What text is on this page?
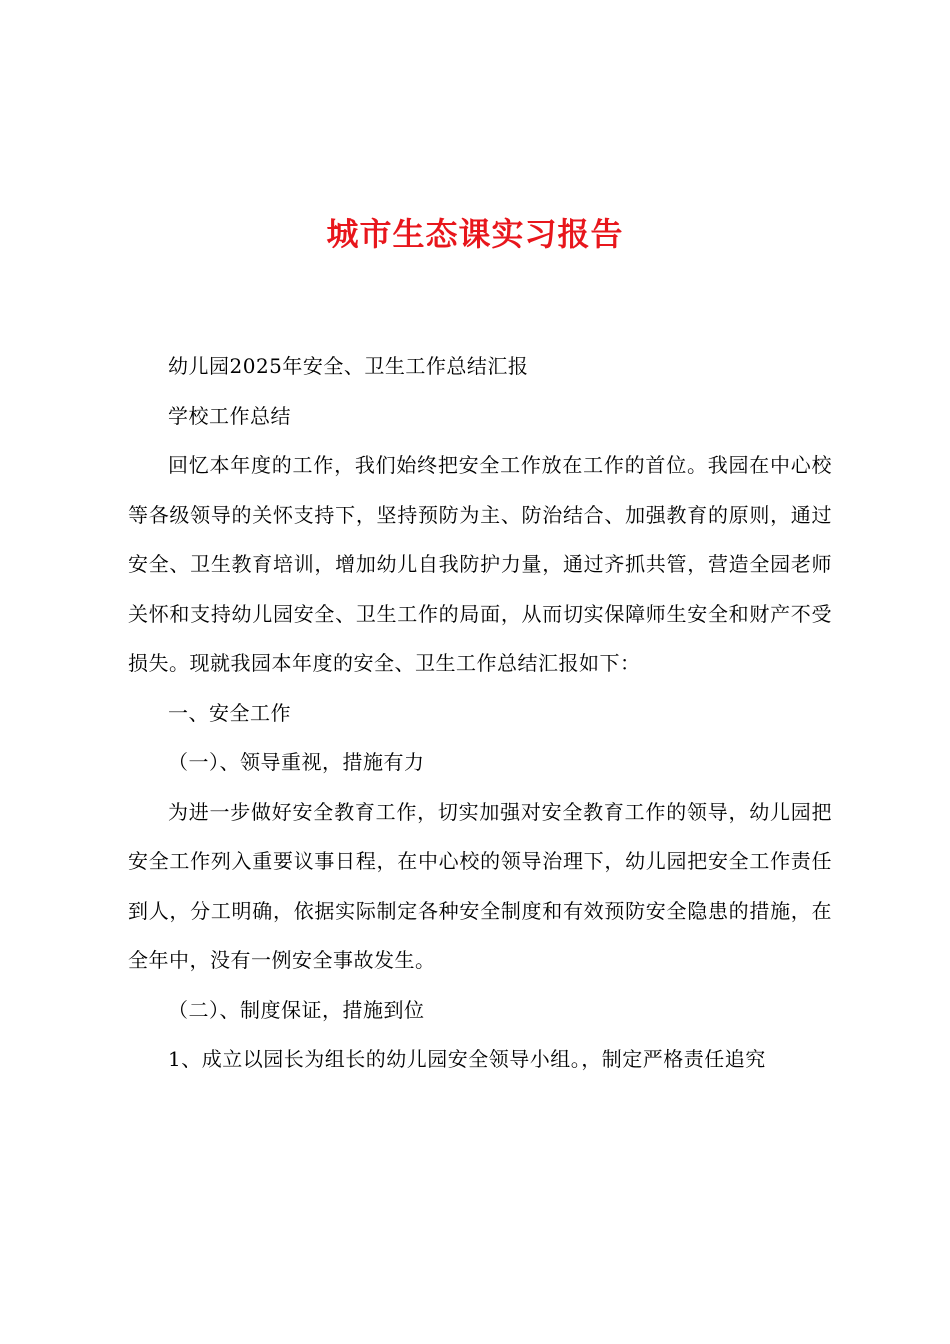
城市生态课实习报告

幼儿园2025年安全、卫生工作总结汇报

学校工作总结

回忆本年度的工作，我们始终把安全工作放在工作的首位。我园在中心校等各级领导的关怀支持下，坚持预防为主、防治结合、加强教育的原则，通过安全、卫生教育培训，增加幼儿自我防护力量，通过齐抓共管，营造全园老师关怀和支持幼儿园安全、卫生工作的局面，从而切实保障师生安全和财产不受损失。现就我园本年度的安全、卫生工作总结汇报如下：

一、安全工作

（一）、领导重视，措施有力

为进一步做好安全教育工作，切实加强对安全教育工作的领导，幼儿园把安全工作列入重要议事日程，在中心校的领导治理下，幼儿园把安全工作责任到人，分工明确，依据实际制定各种安全制度和有效预防安全隐患的措施，在全年中，没有一例安全事故发生。

（二）、制度保证，措施到位

1、成立以园长为组长的幼儿园安全领导小组。，制定严格责任追究
